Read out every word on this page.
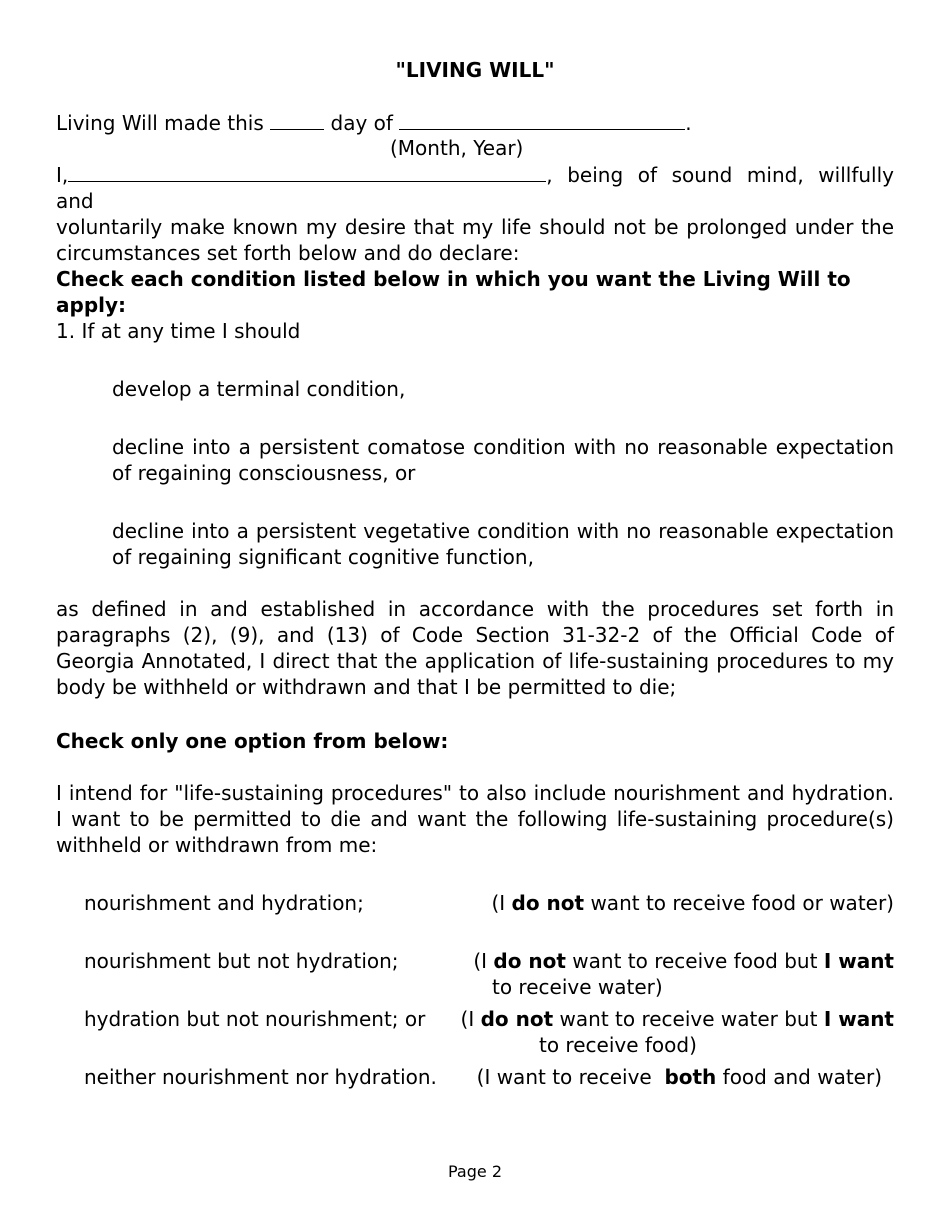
"LIVING WILL"
Living Will made this	day of	.
(Month, Year)
I,	, being of sound mind, willfully and
voluntarily make known my desire that my life should not be prolonged under the circumstances set forth below and do declare:
Check each condition listed below in which you want the Living Will to apply:
1. If at any time I should
develop a terminal condition,
decline into a persistent comatose condition with no reasonable expectation of regaining consciousness, or
decline into a persistent vegetative condition with no reasonable expectation of regaining significant cognitive function,
as defined in and established in accordance with the procedures set forth in paragraphs (2), (9), and (13) of Code Section 31-32-2 of the Official Code of Georgia Annotated, I direct that the application of life-sustaining procedures to my body be withheld or withdrawn and that I be permitted to die;
Check only one option from below:
I intend for "life-sustaining procedures" to also include nourishment and hydration. I want to be permitted to die and want the following life-sustaining procedure(s) withheld or withdrawn from me:
nourishment and hydration;	(I do not want to receive food or water)
nourishment but not hydration;	(I do not want to receive food but I want
to receive water)
hydration but not nourishment; or (I do not want to receive water but I want
to receive food)
neither nourishment nor hydration. (I want to receive  both food and water)
Page 2
